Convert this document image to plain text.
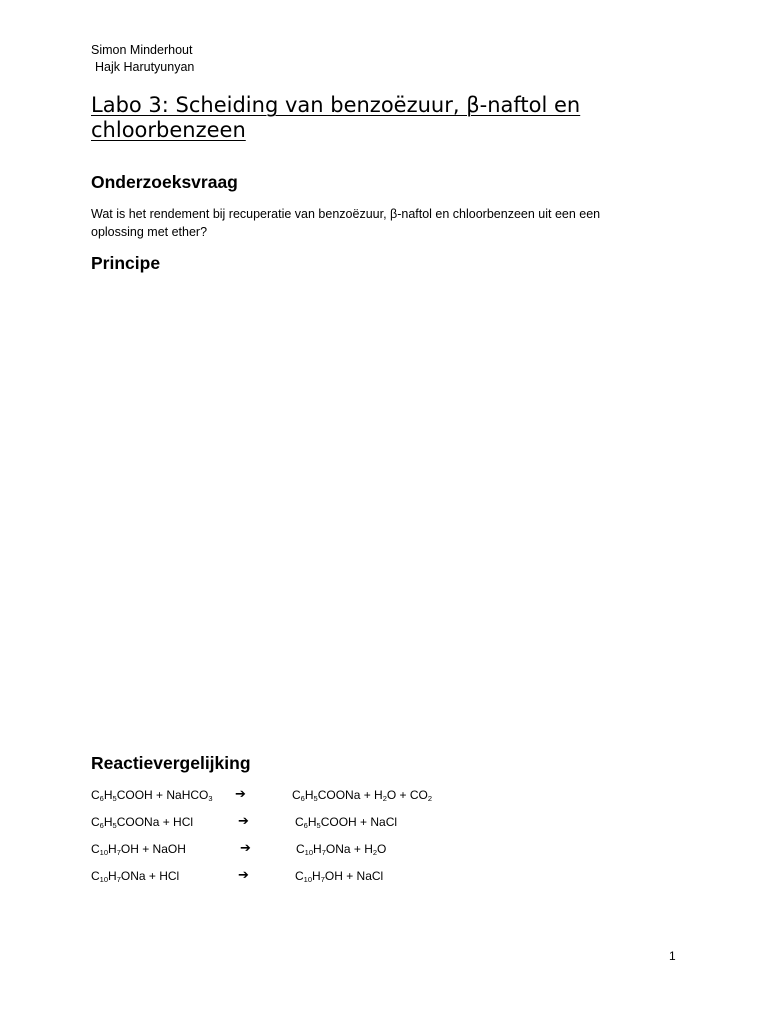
Simon Minderhout
Hajk Harutyunyan
Labo 3: Scheiding van benzoëzuur, β-naftol en
chloorbenzeen
Onderzoeksvraag
Wat is het rendement bij recuperatie van benzoëzuur, β-naftol en chloorbenzeen uit een een
oplossing met ether?
Principe
Reactievergelijking
$C_6H_5COOH$ + NaHCO$_3$ ➔	$C_6H_5COONa + H_2O + CO_2$
$C_6H_5COONa$ + HCl	➔	$C_6H_5COOH$ + NaCl
$C_{10}H_7OH$ + NaOH	➔	$C_{10}H_7ONa + H_2O$
$C_{10}H_7ONa$ + HCl	➔	$C_{10}H_7OH$ + NaCl
1
